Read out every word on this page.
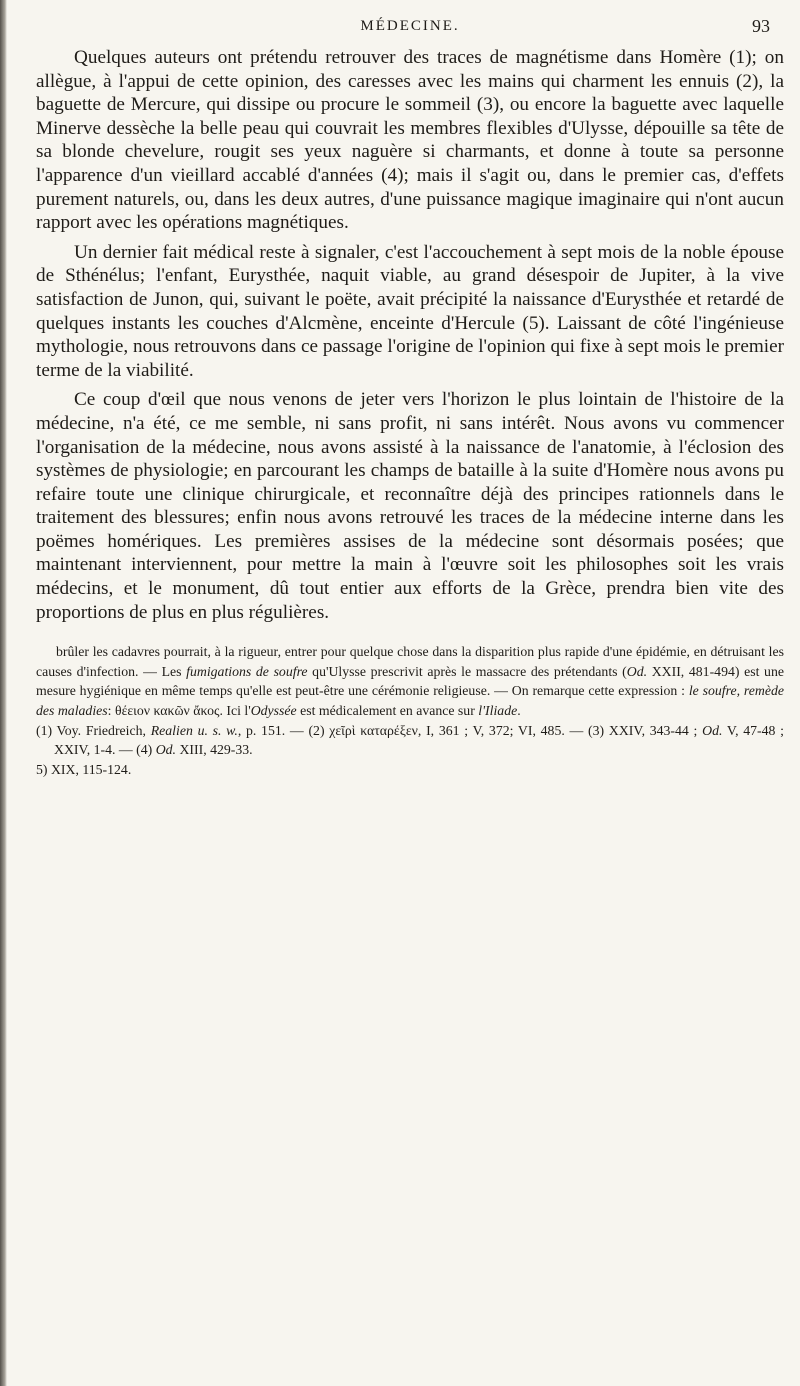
MÉDECINE.	93

Quelques auteurs ont prétendu retrouver des traces de magnétisme dans Homère (1); on allègue, à l'appui de cette opinion, des caresses avec les mains qui charment les ennuis (2), la baguette de Mercure, qui dissipe ou procure le sommeil (3), ou encore la baguette avec laquelle Minerve dessèche la belle peau qui couvrait les membres flexibles d'Ulysse, dépouille sa tête de sa blonde chevelure, rougit ses yeux naguère si charmants, et donne à toute sa personne l'apparence d'un vieillard accablé d'années (4); mais il s'agit ou, dans le premier cas, d'effets purement naturels, ou, dans les deux autres, d'une puissance magique imaginaire qui n'ont aucun rapport avec les opérations magnétiques.

Un dernier fait médical reste à signaler, c'est l'accouchement à sept mois de la noble épouse de Sthénélus; l'enfant, Eurysthée, naquit viable, au grand désespoir de Jupiter, à la vive satisfaction de Junon, qui, suivant le poëte, avait précipité la naissance d'Eurysthée et retardé de quelques instants les couches d'Alcmène, enceinte d'Hercule (5). Laissant de côté l'ingénieuse mythologie, nous retrouvons dans ce passage l'origine de l'opinion qui fixe à sept mois le premier terme de la viabilité.

Ce coup d'œil que nous venons de jeter vers l'horizon le plus lointain de l'histoire de la médecine, n'a été, ce me semble, ni sans profit, ni sans intérêt. Nous avons vu commencer l'organisation de la médecine, nous avons assisté à la naissance de l'anatomie, à l'éclosion des systèmes de physiologie; en parcourant les champs de bataille à la suite d'Homère nous avons pu refaire toute une clinique chirurgicale, et reconnaître déjà des principes rationnels dans le traitement des blessures; enfin nous avons retrouvé les traces de la médecine interne dans les poëmes homériques. Les premières assises de la médecine sont désormais posées; que maintenant interviennent, pour mettre la main à l'œuvre soit les philosophes soit les vrais médecins, et le monument, dû tout entier aux efforts de la Grèce, prendra bien vite des proportions de plus en plus régulières.

brûler les cadavres pourrait, à la rigueur, entrer pour quelque chose dans la disparition plus rapide d'une épidémie, en détruisant les causes d'infection. — Les fumigations de soufre qu'Ulysse prescrivit après le massacre des prétendants (Od. XXII, 481-494) est une mesure hygiénique en même temps qu'elle est peut-être une cérémonie religieuse. — On remarque cette expression : le soufre, remède des maladies: θέειον κακῶν ἄκος. Ici l'Odyssée est médicalement en avance sur l'Iliade.

(1) Voy. Friedreich, Realien u. s. w., p. 151. — (2) χεῖρὶ καταρέξεν, I, 361 ; V, 372; VI, 485. — (3) XXIV, 343-44 ; Od. V, 47-48 ; XXIV, 1-4. — (4) Od. XIII, 429-33.

5) XIX, 115-124.
